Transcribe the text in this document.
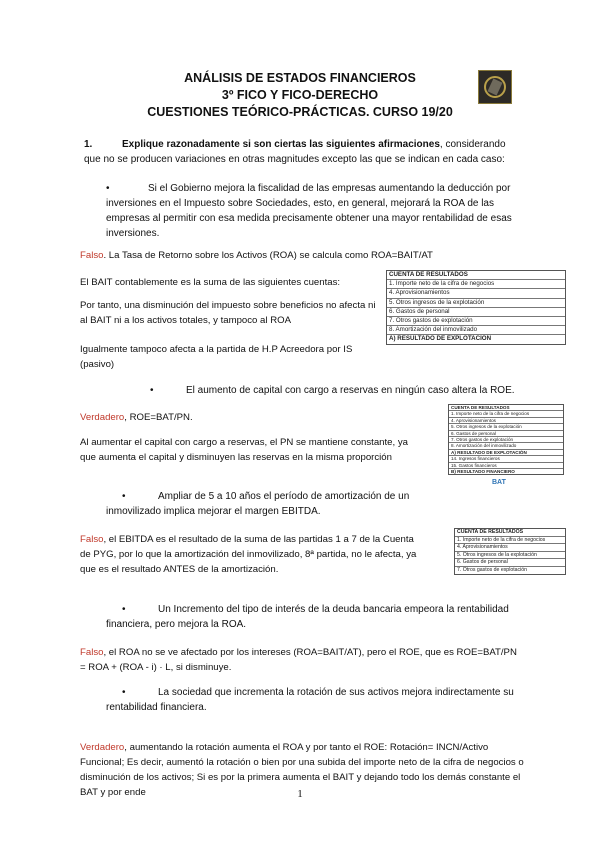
ANÁLISIS DE ESTADOS FINANCIEROS
3º FICO Y FICO-DERECHO
CUESTIONES TEÓRICO-PRÁCTICAS. CURSO 19/20
1.	Explique razonadamente si son ciertas las siguientes afirmaciones, considerando que no se producen variaciones en otras magnitudes excepto las que se indican en cada caso:
•	Si el Gobierno mejora la fiscalidad de las empresas aumentando la deducción por inversiones en el Impuesto sobre Sociedades, esto, en general, mejorará la ROA de las empresas al permitir con esa medida precisamente obtener una mayor rentabilidad de esas inversiones.
Falso. La Tasa de Retorno sobre los Activos (ROA) se calcula como ROA=BAIT/AT
El BAIT contablemente es la suma de las siguientes cuentas:
Por tanto, una disminución del impuesto sobre beneficios no afecta ni al BAIT ni a los activos totales, y tampoco al ROA
Igualmente tampoco afecta a la partida de H.P Acreedora por IS (pasivo)
CUENTA DE RESULTADOS
1. Importe neto de la cifra de negocios
4. Aprovisionamientos
5. Otros ingresos de la explotación
6. Gastos de personal
7. Otros gastos de explotación
8. Amortización del inmovilizado
A) RESULTADO DE EXPLOTACIÓN
•	El aumento de capital con cargo a reservas en ningún caso altera la ROE.
Verdadero, ROE=BAT/PN.
Al aumentar el capital con cargo a reservas, el PN se mantiene constante, ya que aumenta el capital y disminuyen las reservas en la misma proporción
CUENTA DE RESULTADOS
1. Importe neto de la cifra de negocios
4. Aprovisionamientos
5. Otros ingresos de la explotación
6. Gastos de personal
7. Otros gastos de explotación
8. Amortización del inmovilizado
A) RESULTADO DE EXPLOTACIÓN
14. Ingresos financieros
15. Gastos financieros
B) RESULTADO FINANCIERO
BAT
•	Ampliar de 5 a 10 años el período de amortización de un inmovilizado implica mejorar el margen EBITDA.
Falso, el EBITDA es el resultado de la suma de las partidas 1 a 7 de la Cuenta de PYG, por lo que la amortización del inmovilizado, 8ª partida, no le afecta, ya que es el resultado ANTES de la amortización.
CUENTA DE RESULTADOS
1. Importe neto de la cifra de negocios
4. Aprovisionamientos
5. Otros ingresos de la explotación
6. Gastos de personal
7. Otros gastos de explotación
•	Un Incremento del tipo de interés de la deuda bancaria empeora la rentabilidad financiera, pero mejora la ROA.
Falso, el ROA no se ve afectado por los intereses (ROA=BAIT/AT), pero el ROE, que es ROE=BAT/PN = ROA + (ROA - i) · L, si disminuye.
•	La sociedad que incrementa la rotación de sus activos mejora indirectamente su rentabilidad financiera.
Verdadero, aumentando la rotación aumenta el ROA y por tanto el ROE: Rotación= INCN/Activo Funcional; Es decir, aumentó la rotación o bien por una subida del importe neto de la cifra de negocios o disminución de los activos; Si es por la primera aumenta el BAIT y dejando todo los demás constante el BAT y por ende	1
